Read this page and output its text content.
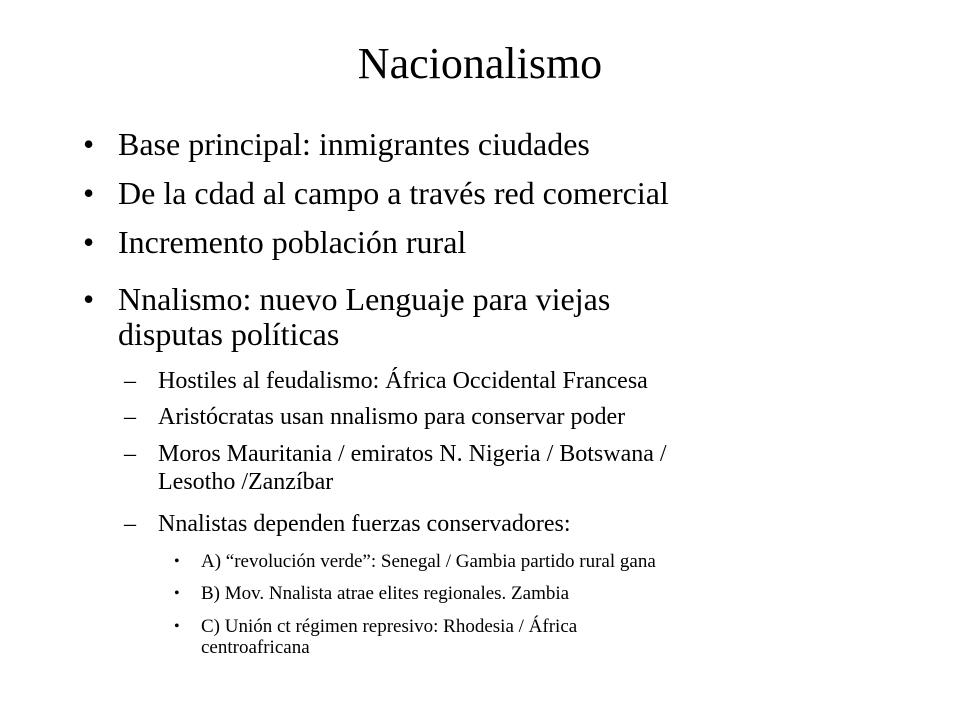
Nacionalismo
• Base principal: inmigrantes ciudades
• De la cdad al campo a través red comercial
• Incremento población rural
• Nnalismo: nuevo Lenguaje para viejas
disputas políticas
– Hostiles al feudalismo: África Occidental Francesa
– Aristócratas usan nnalismo para conservar poder
– Moros Mauritania / emiratos N. Nigeria / Botswana /
Lesotho /Zanzíbar
– Nnalistas dependen fuerzas conservadores:
• A) “revolución verde”: Senegal / Gambia partido rural gana
• B) Mov. Nnalista atrae elites regionales. Zambia
• C) Unión ct régimen represivo: Rhodesia / África
centroafricana
